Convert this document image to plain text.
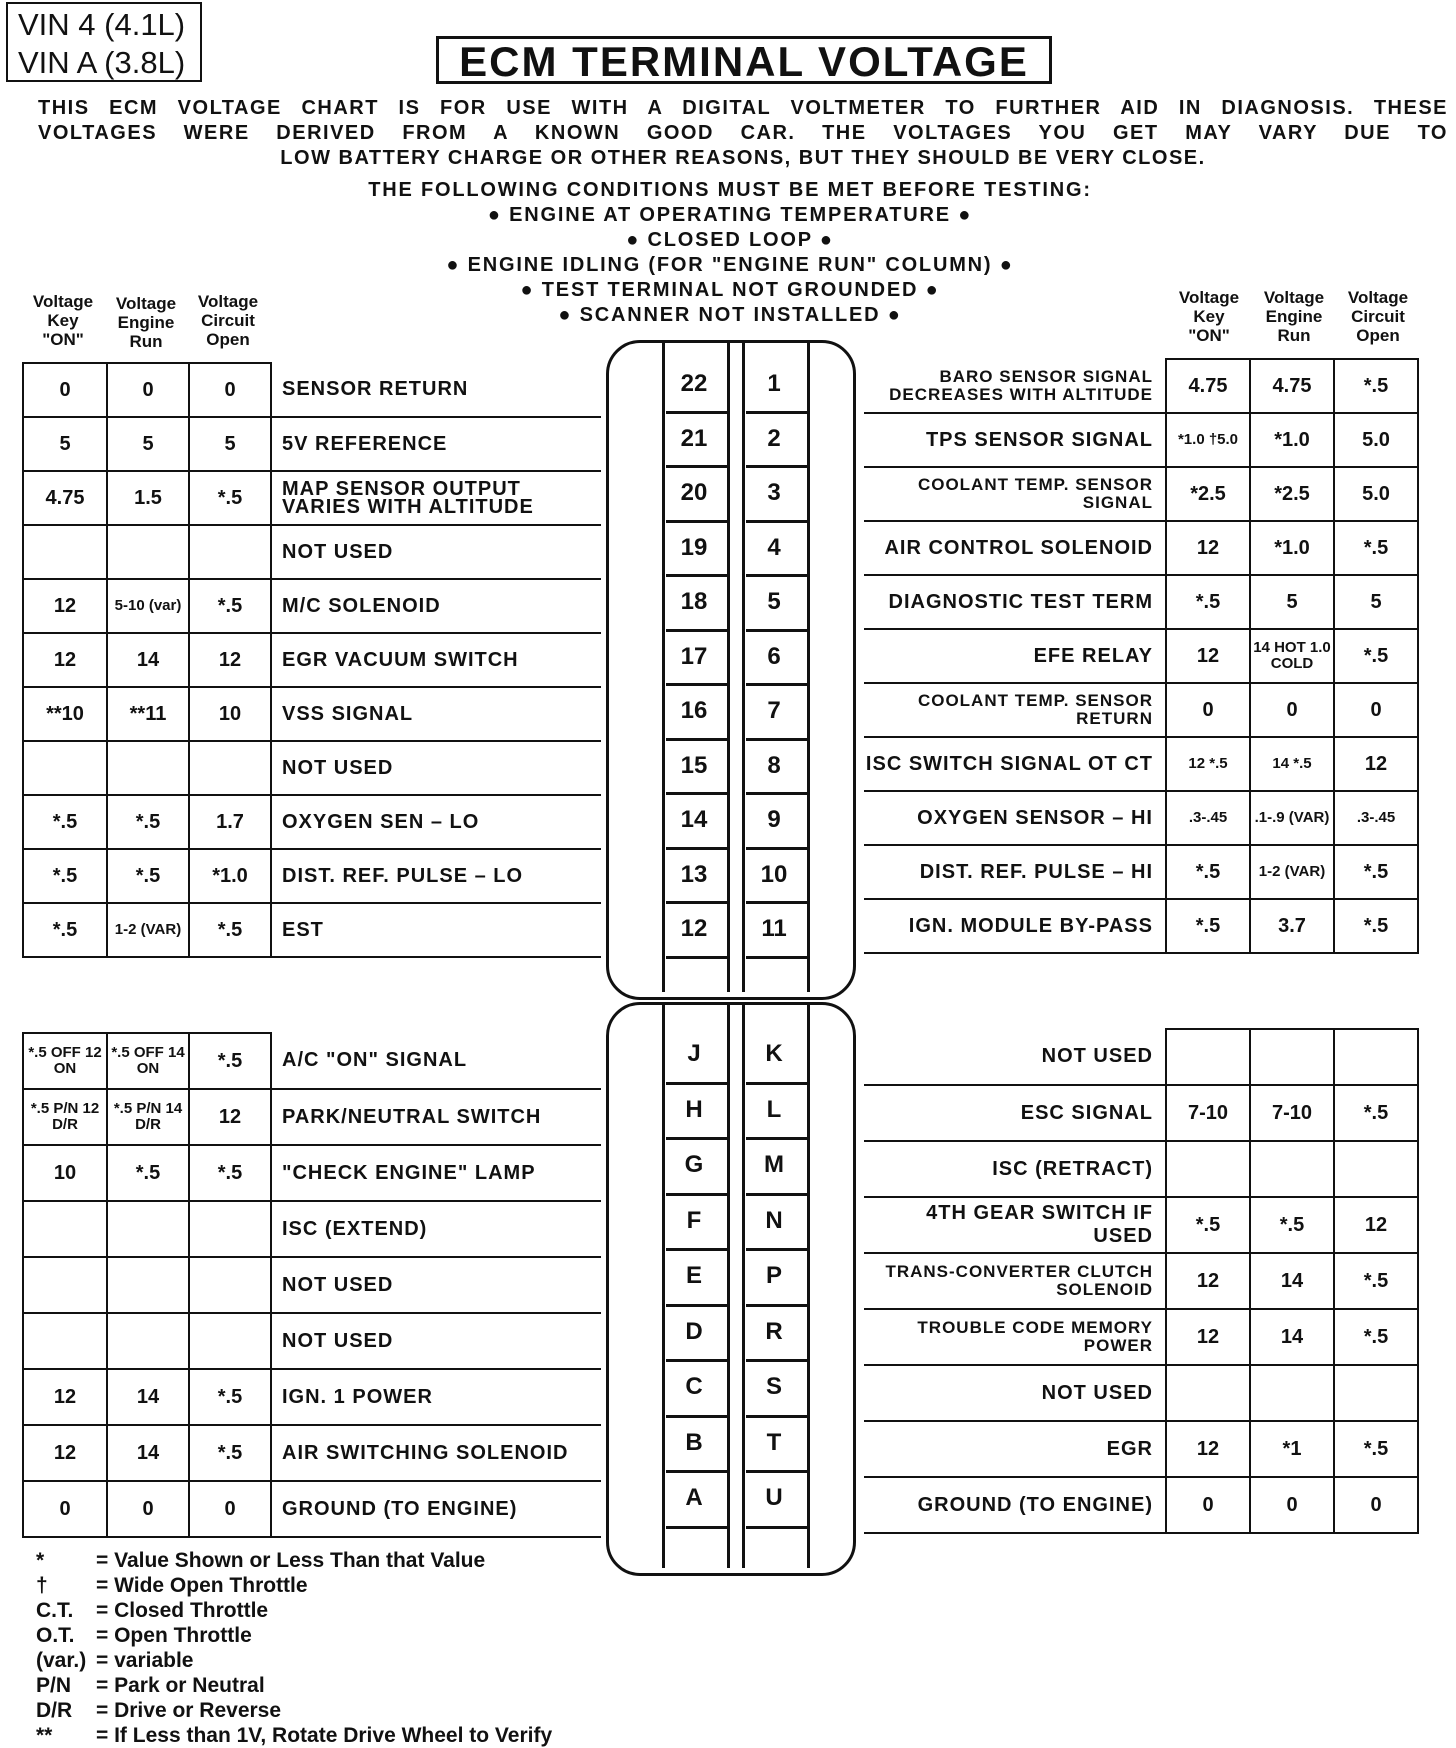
VIN 4 (4.1L)
VIN A (3.8L)	ECM TERMINAL VOLTAGE

THIS ECM VOLTAGE CHART IS FOR USE WITH A DIGITAL VOLTMETER TO FURTHER AID IN DIAGNOSIS. THESE

VOLTAGES WERE DERIVED FROM A KNOWN GOOD CAR. THE VOLTAGES YOU GET MAY VARY DUE TO

LOW BATTERY CHARGE OR OTHER REASONS, BUT THEY SHOULD BE VERY CLOSE.

THE FOLLOWING CONDITIONS MUST BE MET BEFORE TESTING:
● ENGINE AT OPERATING TEMPERATURE ●
● CLOSED LOOP ●
● ENGINE IDLING (FOR "ENGINE RUN" COLUMN) ●
● TEST TERMINAL NOT GROUNDED ●
● SCANNER NOT INSTALLED ●
Voltage
Key
"ON"
Voltage
Engine
Run
Voltage
Circuit
Open
Voltage
Key
"ON"
Voltage
Engine
Run
Voltage
Circuit
Open
0	0	0	SENSOR RETURN
5	5	5	5V REFERENCE
4.75	1.5	*.5	MAP SENSOR OUTPUT VARIES WITH ALTITUDE
			NOT USED
12	5-10 (var)	*.5	M/C SOLENOID
12	14	12	EGR VACUUM SWITCH
**10	**11	10	VSS SIGNAL
			NOT USED
*.5	*.5	1.7	OXYGEN SEN – LO
*.5	*.5	*1.0	DIST. REF. PULSE – LO
*.5	1-2 (VAR)	*.5	EST
BARO SENSOR SIGNAL DECREASES WITH ALTITUDE	4.75	4.75	*.5
TPS SENSOR SIGNAL	*1.0 †5.0	*1.0	5.0
COOLANT TEMP. SENSOR SIGNAL	*2.5	*2.5	5.0
AIR CONTROL SOLENOID	12	*1.0	*.5
DIAGNOSTIC TEST TERM	*.5	5	5
EFE RELAY	12	14 HOT 1.0 COLD	*.5
COOLANT TEMP. SENSOR RETURN	0	0	0
ISC SWITCH SIGNAL OT CT	12 *.5	14 *.5	12
OXYGEN SENSOR – HI	.3-.45	.1-.9 (VAR)	.3-.45
DIST. REF. PULSE – HI	*.5	1-2 (VAR)	*.5
IGN. MODULE BY-PASS	*.5	3.7	*.5
*.5 OFF 12 ON	*.5 OFF 14 ON	*.5	A/C "ON" SIGNAL
*.5 P/N 12 D/R	*.5 P/N 14 D/R	12	PARK/NEUTRAL SWITCH
10	*.5	*.5	"CHECK ENGINE" LAMP
			ISC (EXTEND)
			NOT USED
			NOT USED
12	14	*.5	IGN. 1 POWER
12	14	*.5	AIR SWITCHING SOLENOID
0	0	0	GROUND (TO ENGINE)
NOT USED			
ESC SIGNAL	7-10	7-10	*.5
ISC (RETRACT)			
4TH GEAR SWITCH IF USED	*.5	*.5	12
TRANS-CONVERTER CLUTCH SOLENOID	12	14	*.5
TROUBLE CODE MEMORY POWER	12	14	*.5
NOT USED			
EGR	12	*1	*.5
GROUND (TO ENGINE)	0	0	0
22
21
20
19
18
17
16
15
14
13
12
1
2
3
4
5
6
7
8
9
10
11
J
H
G
F
E
D
C
B
A
K
L
M
N
P
R
S
T
U
* = Value Shown or Less Than that Value
† = Wide Open Throttle
C.T. = Closed Throttle
O.T. = Open Throttle
(var.) = variable
P/N = Park or Neutral
D/R = Drive or Reverse
** = If Less than 1V, Rotate Drive Wheel to Verify
